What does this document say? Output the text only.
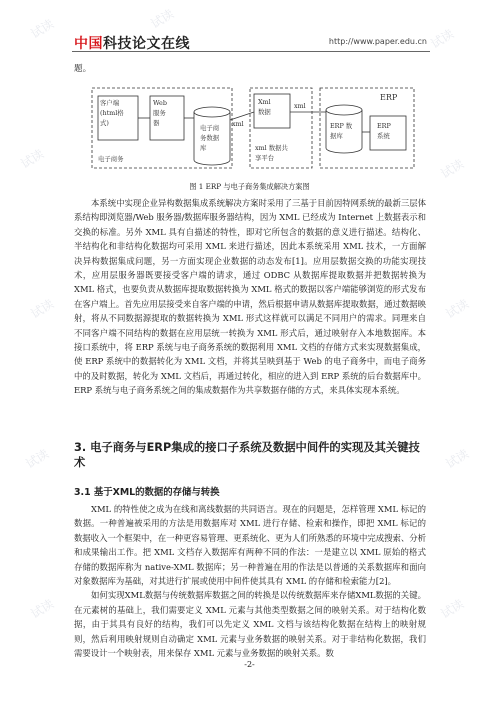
试读	试读
试读
试读	试读
试读	试读
试读	试读
试读	试读
中国科技论文在线	http://www.paper.edu.cn
题。
客户端
(html格
式)
Web
服务
器
电子商
务数据
库
电子商务
xml
Xml
数据
xml
xml 数据共
享平台
ERP
ERP 数
据库
ERP
系统
图 1 ERP 与电子商务集成解决方案图

本系统中实现企业异构数据集成系统解决方案时采用了三基于目前因特网系统的最新三层体系结构即浏览器/Web 服务器/数据库服务器结构，因为 XML 已经成为 Internet 上数据表示和交换的标准。另外 XML 具有自描述的特性，即对它所包含的数据的意义进行描述。结构化、半结构化和非结构化数据均可采用 XML 来进行描述，因此本系统采用 XML 技术，一方面解决异构数据集成问题，另一方面实现企业数据的动态发布[1]。应用层数据交换的功能实现技术，应用层服务器既要接受客户端的请求，通过 ODBC 从数据库提取数据并把数据转换为 XML 格式，也要负责从数据库提取数据转换为 XML 格式的数据以客户端能够浏览的形式发布在客户端上。首先应用层接受来自客户端的申请，然后根据申请从数据库提取数据，通过数据映射，将从不同数据源提取的数据转换为 XML 形式这样就可以满足不同用户的需求。同理来自不同客户端不同结构的数据在应用层统一转换为 XML 形式后，通过映射存入本地数据库。本接口系统中，将 ERP 系统与电子商务系统的数据利用 XML 文档的存储方式来实现数据集成，使 ERP 系统中的数据转化为 XML 文档，并将其呈映到基于 Web 的电子商务中，而电子商务中的及时数据，转化为 XML 文档后，再通过转化，相应的进入到 ERP 系统的后台数据库中。ERP 系统与电子商务系统之间的集成数据作为共享数据存储的方式，来具体实现本系统。

3. 电子商务与ERP集成的接口子系统及数据中间件的实现及其关键技术
3.1 基于XML的数据的存储与转换

XML 的特性使之成为在线和离线数据的共同语言。现在的问题是，怎样管理 XML 标记的数据。一种普遍被采用的方法是用数据库对 XML 进行存储、检索和操作，即把 XML 标记的数据收入一个框架中，在一种更容易管理、更系统化、更为人们所熟悉的环境中完成搜索、分析和成果输出工作。把 XML 文档存入数据库有两种不同的作法：一是建立以 XML 原始的格式存储的数据库称为 native-XML 数据库；另一种普遍在用的作法是以普通的关系数据库和面向对象数据库为基础，对其进行扩展或使用中间件使其具有 XML 的存储和检索能力[2]。

如何实现XML数据与传统数据库数据之间的转换是以传统数据库来存储XML数据的关键。在元素树的基础上，我们需要定义 XML 元素与其他类型数据之间的映射关系。对于结构化数据，由于其具有良好的结构，我们可以先定义 XML 文档与该结构化数据在结构上的映射规则，然后利用映射规则自动确定 XML 元素与业务数据的映射关系。对于非结构化数据，我们需要设计一个映射表，用来保存 XML 元素与业务数据的映射关系。数

-2-
